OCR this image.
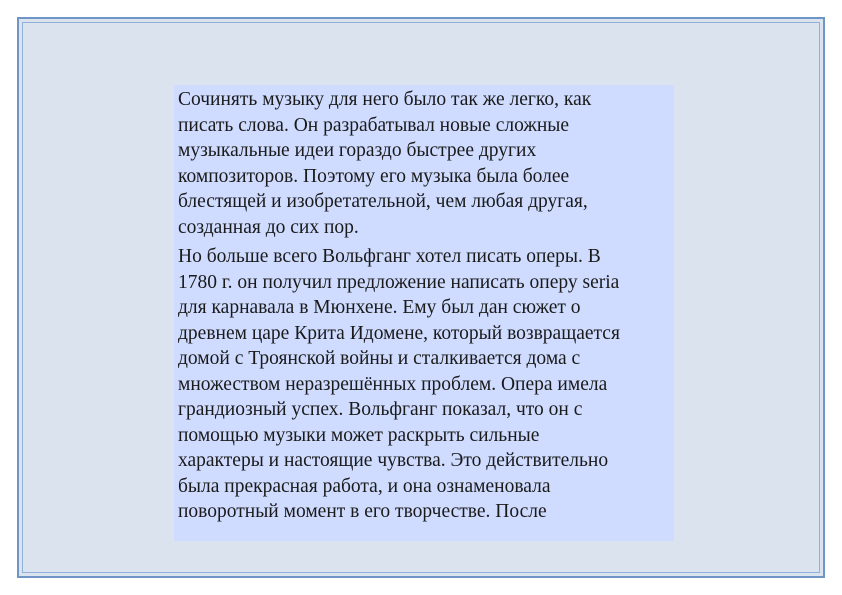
Сочинять музыку для него было так же легко, как
писать слова. Он разрабатывал новые сложные
музыкальные идеи гораздо быстрее других
композиторов. Поэтому его музыка была более
блестящей и изобретательной, чем любая другая,
созданная до сих пор.

Но больше всего Вольфганг хотел писать оперы. В
1780 г. он получил предложение написать оперу seria
для карнавала в Мюнхене. Ему был дан сюжет о
древнем царе Крита Идомене, который возвращается
домой с Троянской войны и сталкивается дома с
множеством неразрешённых проблем. Опера имела
грандиозный успех. Вольфганг показал, что он с
помощью музыки может раскрыть сильные
характеры и настоящие чувства. Это действительно
была прекрасная работа, и она ознаменовала
поворотный момент в его творчестве. После
